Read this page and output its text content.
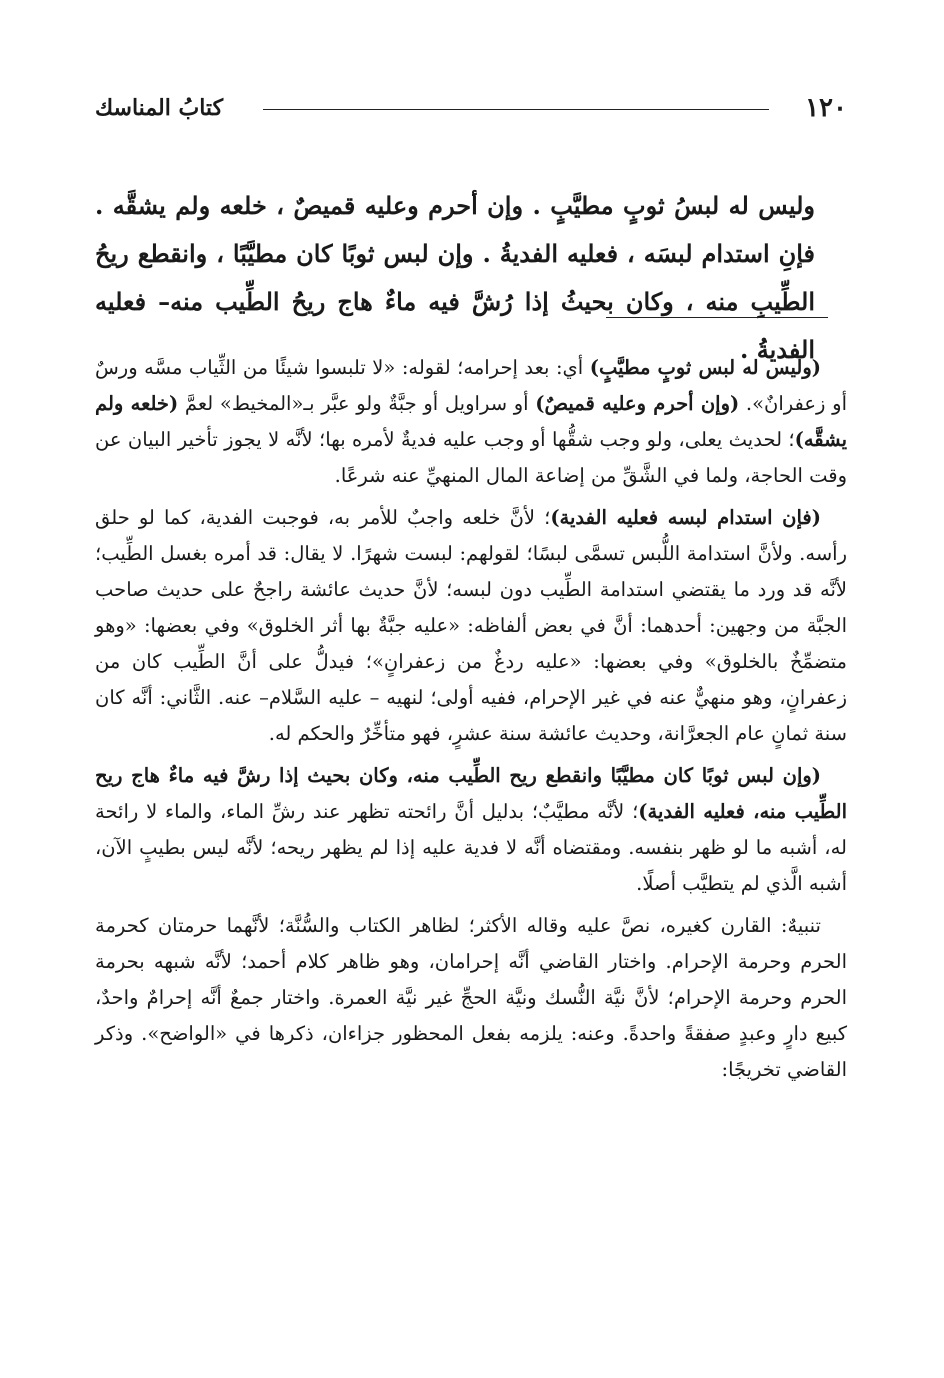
١٢٠
كتابُ المناسك
وليس له لبسُ ثوبٍ مطيَّبٍ . وإن أحرم وعليه قميصٌ ، خلعه ولم يشقَّه . فإنِ استدام لبسَه ، فعليه الفديةُ . وإن لبس ثوبًا كان مطيَّبًا ، وانقطع ريحُ الطِّيبِ منه ، وكان بحيثُ إذا رُشَّ فيه ماءٌ هاج ريحُ الطِّيب منه– فعليه الفديةُ .

(وليس له لبس ثوبٍ مطيَّبٍ) أي: بعد إحرامه؛ لقوله: «لا تلبسوا شيئًا من الثِّياب مسَّه ورسٌ أو زعفرانٌ». (وإن أحرم وعليه قميصٌ) أو سراويل أو جبَّةٌ ولو عبَّر بـ«المخيط» لعمَّ (خلعه ولم يشقَّه)؛ لحديث يعلى، ولو وجب شقُّها أو وجب عليه فديةٌ لأمره بها؛ لأنَّه لا يجوز تأخير البيان عن وقت الحاجة، ولما في الشَّقِّ من إضاعة المال المنهيِّ عنه شرعًا.

(فإن استدام لبسه فعليه الفدية)؛ لأنَّ خلعه واجبٌ للأمر به، فوجبت الفدية، كما لو حلق رأسه. ولأنَّ استدامة اللُّبس تسمَّى لبسًا؛ لقولهم: لبست شهرًا. لا يقال: قد أمره بغسل الطِّيب؛ لأنَّه قد ورد ما يقتضي استدامة الطِّيب دون لبسه؛ لأنَّ حديث عائشة راجحٌ على حديث صاحب الجبَّة من وجهين: أحدهما: أنَّ في بعض ألفاظه: «عليه جبَّةٌ بها أثر الخلوق» وفي بعضها: «وهو متضمِّخٌ بالخلوق» وفي بعضها: «عليه ردغٌ من زعفرانٍ»؛ فيدلُّ على أنَّ الطِّيب كان من زعفرانٍ، وهو منهيٌّ عنه في غير الإحرام، ففيه أولى؛ لنهيه – عليه السَّلام– عنه. الثَّاني: أنَّه كان سنة ثمانٍ عام الجعرَّانة، وحديث عائشة سنة عشرٍ، فهو متأخِّرٌ والحكم له.

(وإن لبس ثوبًا كان مطيَّبًا وانقطع ريح الطِّيب منه، وكان بحيث إذا رشَّ فيه ماءٌ هاج ريح الطِّيب منه، فعليه الفدية)؛ لأنَّه مطيَّبٌ؛ بدليل أنَّ رائحته تظهر عند رشِّ الماء، والماء لا رائحة له، أشبه ما لو ظهر بنفسه. ومقتضاه أنَّه لا فدية عليه إذا لم يظهر ريحه؛ لأنَّه ليس بطيبٍ الآن، أشبه الَّذي لم يتطيَّب أصلًا.

تنبيهٌ: القارن كغيره، نصَّ عليه وقاله الأكثر؛ لظاهر الكتاب والسُّنَّة؛ لأنَّهما حرمتان كحرمة الحرم وحرمة الإحرام. واختار القاضي أنَّه إحرامان، وهو ظاهر كلام أحمد؛ لأنَّه شبهه بحرمة الحرم وحرمة الإحرام؛ لأنَّ نيَّة النُّسك ونيَّة الحجِّ غير نيَّة العمرة. واختار جمعٌ أنَّه إحرامٌ واحدٌ، كبيع دارٍ وعبدٍ صفقةً واحدةً. وعنه: يلزمه بفعل المحظور جزاءان، ذكرها في «الواضح». وذكر القاضي تخريجًا:
